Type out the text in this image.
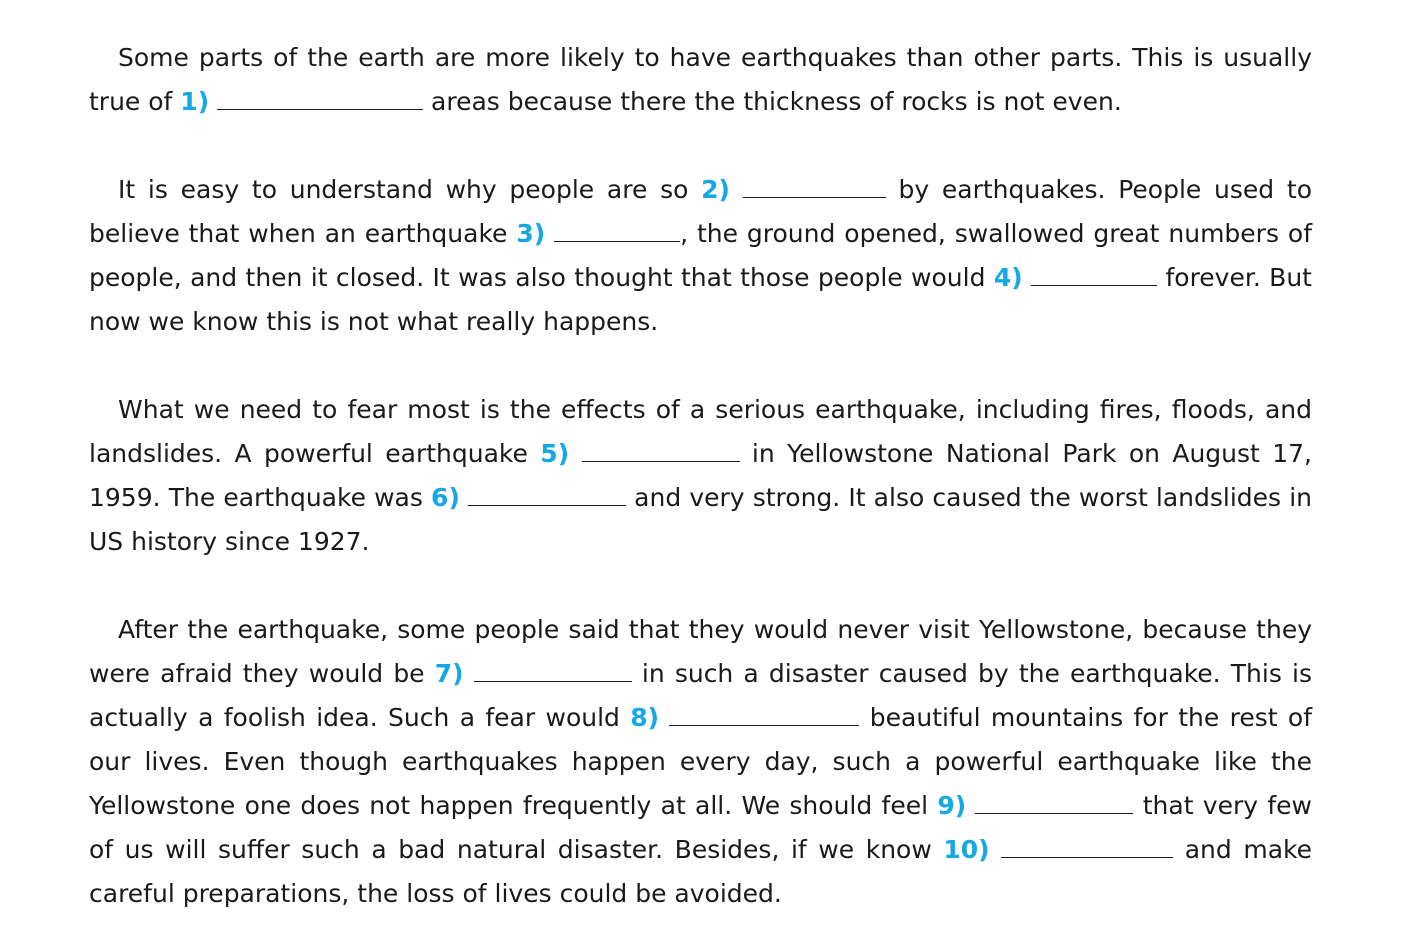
Some parts of the earth are more likely to have earthquakes than other parts. This is usually true of 1)	areas because there the thickness of rocks is not even.

It is easy to understand why people are so 2)	by earthquakes. People used to believe that when an earthquake 3)	, the ground opened, swallowed great numbers of people, and then it closed. It was also thought that those people would 4)	forever. But now we know this is not what really happens.

What we need to fear most is the effects of a serious earthquake, including fires, floods, and landslides. A powerful earthquake 5)	in Yellowstone National Park on August 17, 1959. The earthquake was 6)	and very strong. It also caused the worst landslides in US history since 1927.

After the earthquake, some people said that they would never visit Yellowstone, because they were afraid they would be 7)	in such a disaster caused by the earthquake. This is actually a foolish idea. Such a fear would 8)	beautiful mountains for the rest of our lives. Even though earthquakes happen every day, such a powerful earthquake like the Yellowstone one does not happen frequently at all. We should feel 9)	that very few of us will suffer such a bad natural disaster. Besides, if we know 10)	and make careful preparations, the loss of lives could be avoided.
